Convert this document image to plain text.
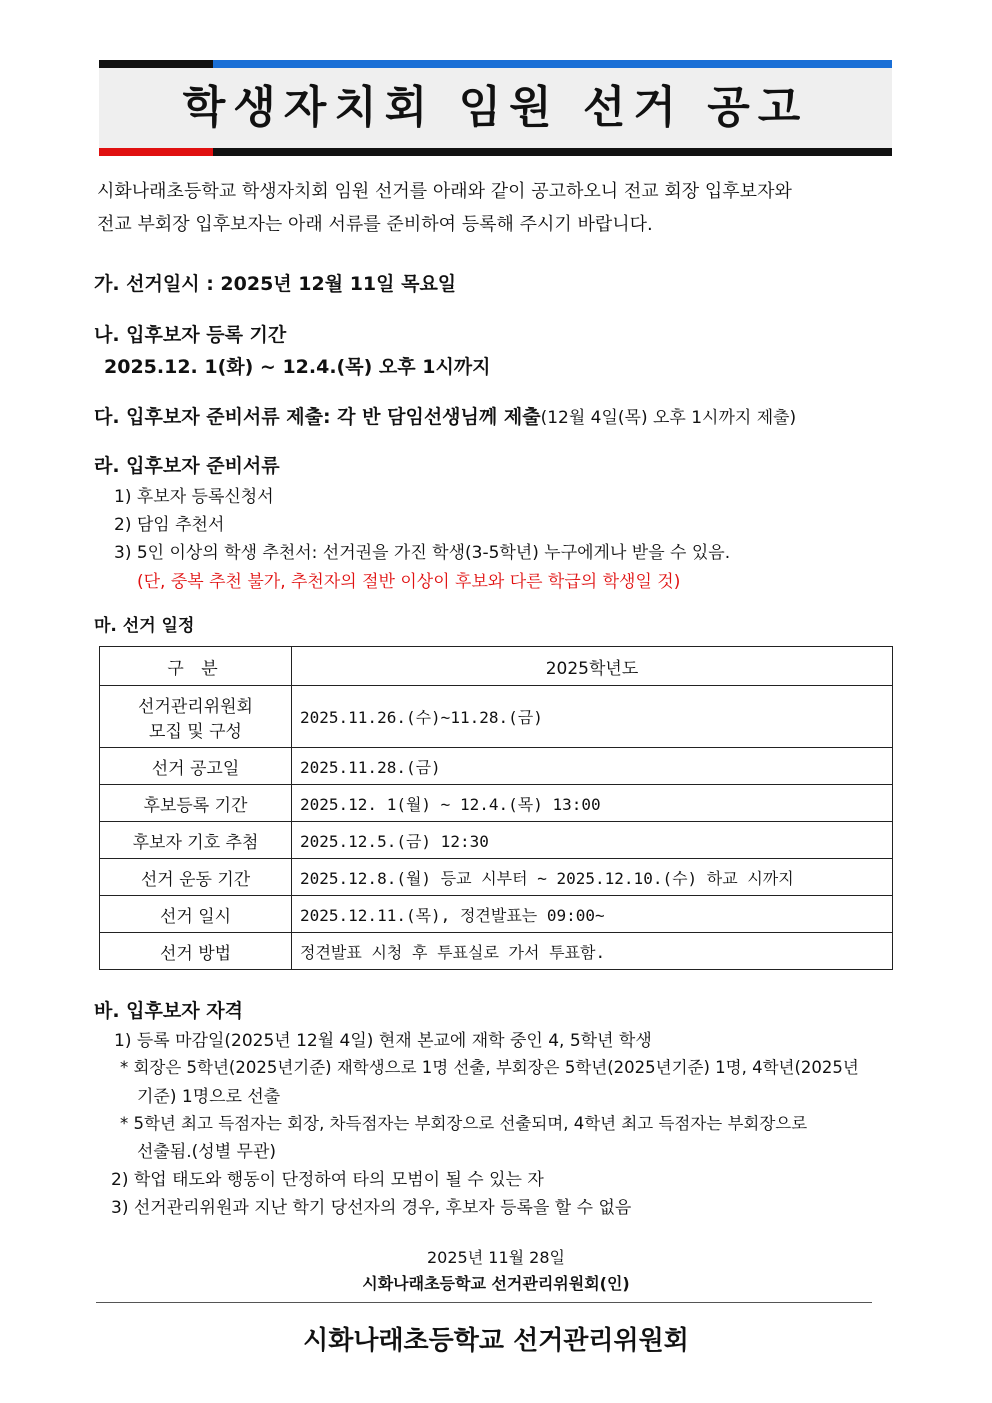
학생자치회 임원 선거 공고
시화나래초등학교 학생자치회 임원 선거를 아래와 같이 공고하오니 전교 회장 입후보자와
전교 부회장 입후보자는 아래 서류를 준비하여 등록해 주시기 바랍니다.
가. 선거일시 : 2025년 12월 11일 목요일
나. 입후보자 등록 기간
2025.12. 1(화) ~ 12.4.(목) 오후 1시까지
다. 입후보자 준비서류 제출: 각 반 담임선생님께 제출(12월 4일(목) 오후 1시까지 제출)
라. 입후보자 준비서류
1) 후보자 등록신청서
2) 담임 추천서
3) 5인 이상의 학생 추천서: 선거권을 가진 학생(3-5학년) 누구에게나 받을 수 있음.
(단, 중복 추천 불가, 추천자의 절반 이상이 후보와 다른 학급의 학생일 것)
마. 선거 일정
구 분	2025학년도
선거관리위원회
모집 및 구성	2025.11.26.(수)~11.28.(금)
선거 공고일	2025.11.28.(금)
후보등록 기간	2025.12. 1(월) ~ 12.4.(목) 13:00
후보자 기호 추첨	2025.12.5.(금) 12:30
선거 운동 기간	2025.12.8.(월) 등교 시부터 ~ 2025.12.10.(수) 하교 시까지
선거 일시	2025.12.11.(목), 정견발표는 09:00~
선거 방법	정견발표 시청 후 투표실로 가서 투표함.
바. 입후보자 자격
1) 등록 마감일(2025년 12월 4일) 현재 본교에 재학 중인 4, 5학년 학생
* 회장은 5학년(2025년기준) 재학생으로 1명 선출, 부회장은 5학년(2025년기준) 1명, 4학년(2025년
기준) 1명으로 선출
* 5학년 최고 득점자는 회장, 차득점자는 부회장으로 선출되며, 4학년 최고 득점자는 부회장으로
선출됨.(성별 무관)
2) 학업 태도와 행동이 단정하여 타의 모범이 될 수 있는 자
3) 선거관리위원과 지난 학기 당선자의 경우, 후보자 등록을 할 수 없음
2025년 11월 28일
시화나래초등학교 선거관리위원회(인)
시화나래초등학교 선거관리위원회
